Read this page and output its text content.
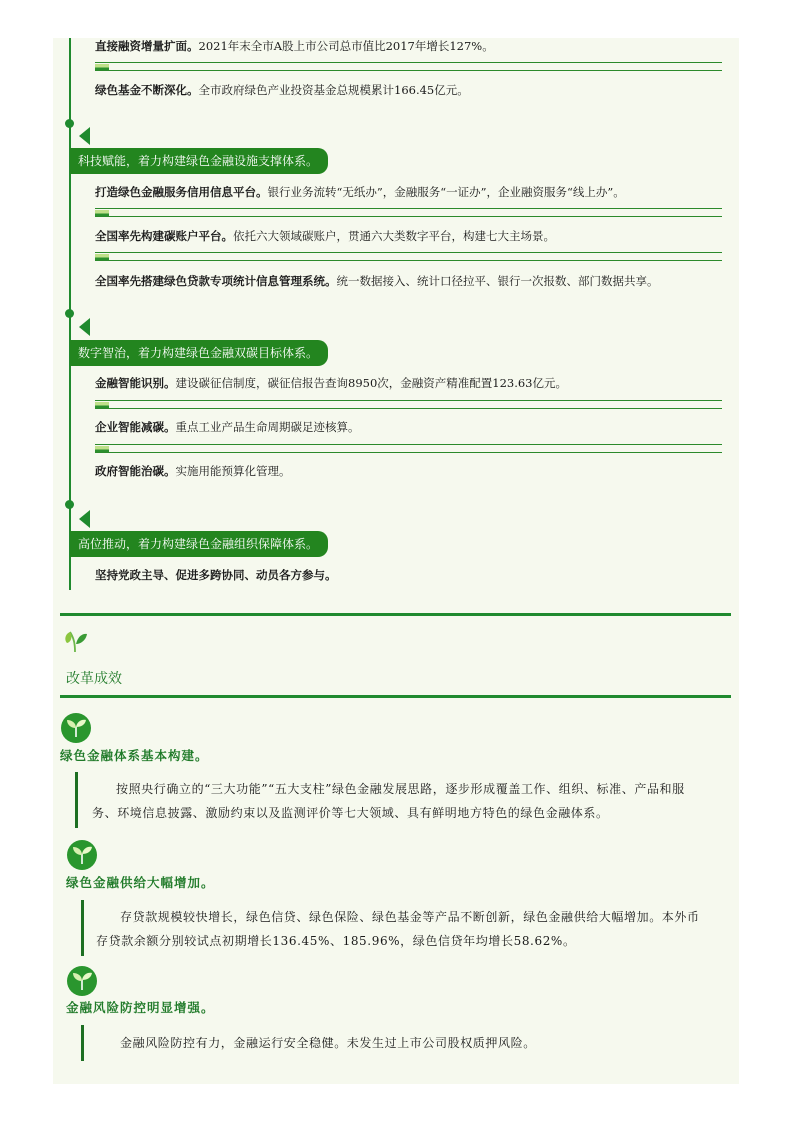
直接融资增量扩面。2021年末全市A股上市公司总市值比2017年增长127%。
绿色基金不断深化。全市政府绿色产业投资基金总规模累计166.45亿元。
科技赋能，着力构建绿色金融设施支撑体系。
打造绿色金融服务信用信息平台。银行业务流转“无纸办”，金融服务“一证办”，企业融资服务“线上办”。
全国率先构建碳账户平台。依托六大领域碳账户，贯通六大类数字平台，构建七大主场景。
全国率先搭建绿色贷款专项统计信息管理系统。统一数据接入、统计口径拉平、银行一次报数、部门数据共享。
数字智治，着力构建绿色金融双碳目标体系。
金融智能识别。建设碳征信制度，碳征信报告查询8950次，金融资产精准配置123.63亿元。
企业智能减碳。重点工业产品生命周期碳足迹核算。
政府智能治碳。实施用能预算化管理。
高位推动，着力构建绿色金融组织保障体系。
坚持党政主导、促进多跨协同、动员各方参与。
改革成效
绿色金融体系基本构建。
按照央行确立的“三大功能”“五大支柱”绿色金融发展思路，逐步形成覆盖工作、组织、标准、产品和服务、环境信息披露、激励约束以及监测评价等七大领域、具有鲜明地方特色的绿色金融体系。
绿色金融供给大幅增加。
存贷款规模较快增长，绿色信贷、绿色保险、绿色基金等产品不断创新，绿色金融供给大幅增加。本外币存贷款余额分别较试点初期增长136.45%、185.96%，绿色信贷年均增长58.62%。
金融风险防控明显增强。
金融风险防控有力，金融运行安全稳健。未发生过上市公司股权质押风险。
